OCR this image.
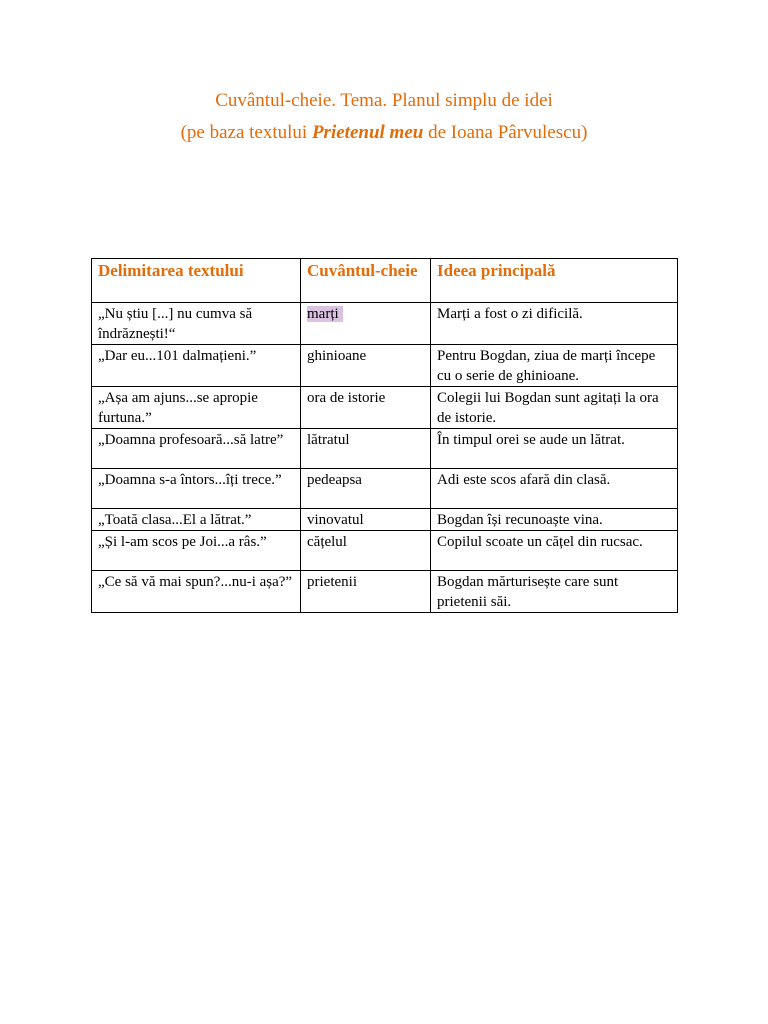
Cuvântul-cheie. Tema. Planul simplu de idei
(pe baza textului Prietenul meu de Ioana Pârvulescu)
Delimitarea textului	Cuvântul-cheie	Ideea principală
„Nu știu [...] nu cumva să îndrăznești!“	marți	Marți a fost o zi dificilă.
„Dar eu...101 dalmațieni.”	ghinioane	Pentru Bogdan, ziua de marți începe cu o serie de ghinioane.
„Așa am ajuns...se apropie furtuna.”	ora de istorie	Colegii lui Bogdan sunt agitați la ora de istorie.
„Doamna profesoară...să latre”	lătratul	În timpul orei se aude un lătrat.
„Doamna s-a întors...îți trece.”	pedeapsa	Adi este scos afară din clasă.
„Toată clasa...El a lătrat.”	vinovatul	Bogdan își recunoaște vina.
„Și l-am scos pe Joi...a râs.”	cățelul	Copilul scoate un cățel din rucsac.
„Ce să vă mai spun?...nu-i așa?”	prietenii	Bogdan mărturisește care sunt prietenii săi.
